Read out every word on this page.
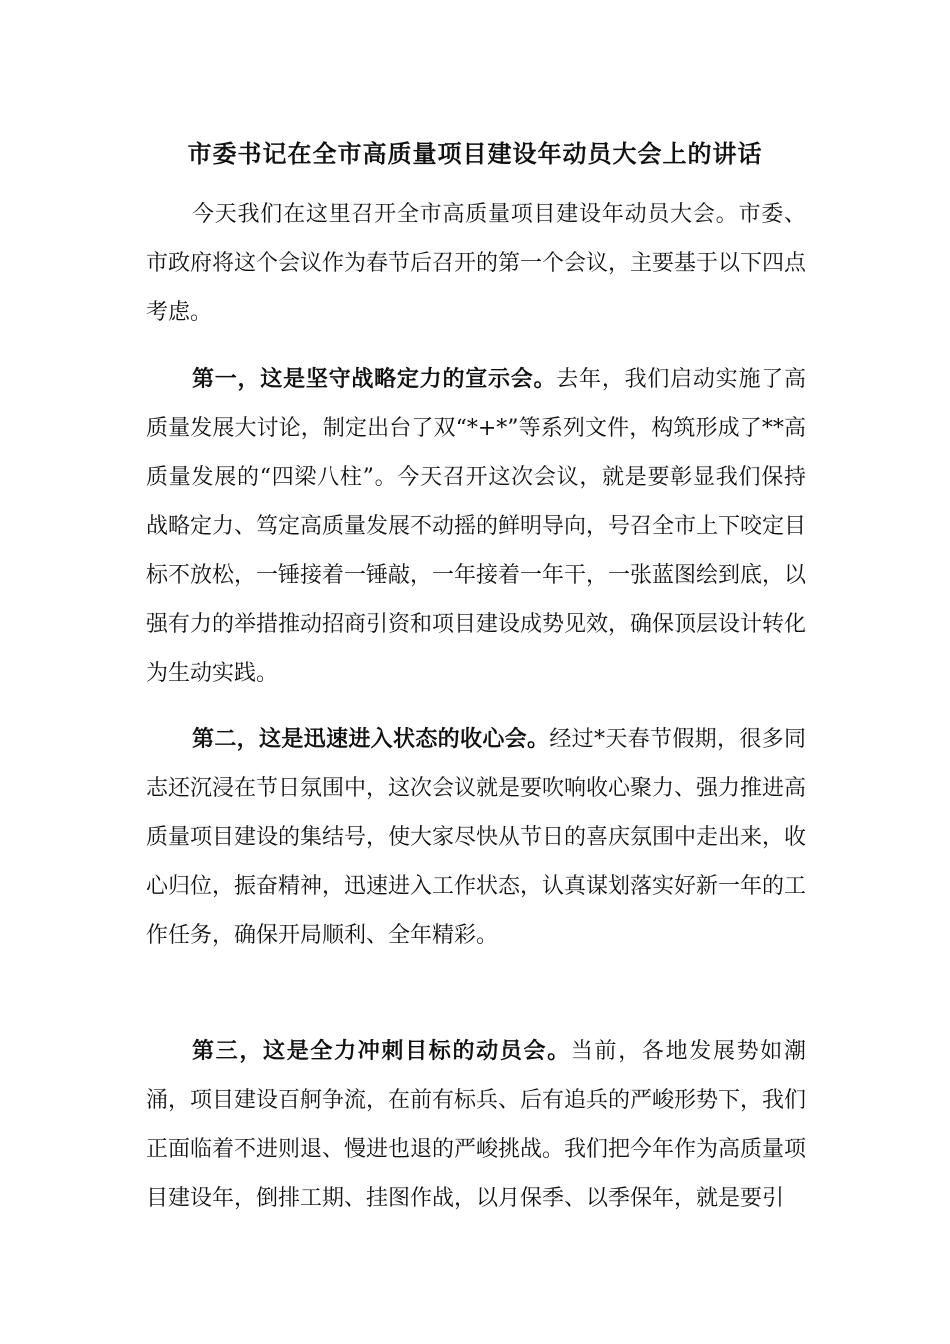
市委书记在全市高质量项目建设年动员大会上的讲话

今天我们在这里召开全市高质量项目建设年动员大会。市委、市政府将这个会议作为春节后召开的第一个会议，主要基于以下四点考虑。

第一，这是坚守战略定力的宣示会。去年，我们启动实施了高质量发展大讨论，制定出台了双“*+*”等系列文件，构筑形成了**高质量发展的“四梁八柱”。今天召开这次会议，就是要彰显我们保持战略定力、笃定高质量发展不动摇的鲜明导向，号召全市上下咬定目标不放松，一锤接着一锤敲，一年接着一年干，一张蓝图绘到底，以强有力的举措推动招商引资和项目建设成势见效，确保顶层设计转化为生动实践。

第二，这是迅速进入状态的收心会。经过*天春节假期，很多同志还沉浸在节日氛围中，这次会议就是要吹响收心聚力、强力推进高质量项目建设的集结号，使大家尽快从节日的喜庆氛围中走出来，收心归位，振奋精神，迅速进入工作状态，认真谋划落实好新一年的工作任务，确保开局顺利、全年精彩。

第三，这是全力冲刺目标的动员会。当前，各地发展势如潮涌，项目建设百舸争流，在前有标兵、后有追兵的严峻形势下，我们正面临着不进则退、慢进也退的严峻挑战。我们把今年作为高质量项目建设年，倒排工期、挂图作战，以月保季、以季保年，就是要引
